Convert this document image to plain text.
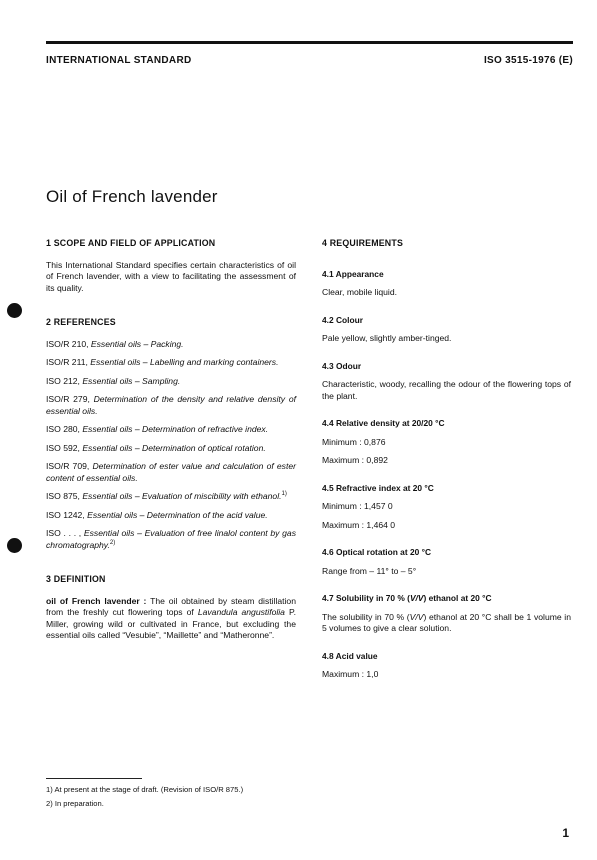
INTERNATIONAL STANDARD	ISO 3515-1976 (E)
Oil of French lavender
1 SCOPE AND FIELD OF APPLICATION

This International Standard specifies certain characteristics of oil of French lavender, with a view to facilitating the assessment of its quality.

2 REFERENCES

ISO/R 210, Essential oils – Packing.

ISO/R 211, Essential oils – Labelling and marking containers.

ISO 212, Essential oils – Sampling.

ISO/R 279, Determination of the density and relative density of essential oils.

ISO 280, Essential oils – Determination of refractive index.

ISO 592, Essential oils – Determination of optical rotation.

ISO/R 709, Determination of ester value and calculation of ester content of essential oils.

ISO 875, Essential oils – Evaluation of miscibility with ethanol.$^{1)}$

ISO 1242, Essential oils – Determination of the acid value.

ISO . . . , Essential oils – Evaluation of free linalol content by gas chromatography.$^{2)}$

3 DEFINITION

oil of French lavender : The oil obtained by steam distillation from the freshly cut flowering tops of Lavandula angustifolia P. Miller, growing wild or cultivated in France, but excluding the essential oils called “Vesubie”, “Maillette” and “Matheronne”.

4 REQUIREMENTS
4.1 Appearance

Clear, mobile liquid.

4.2 Colour

Pale yellow, slightly amber-tinged.

4.3 Odour

Characteristic, woody, recalling the odour of the flowering tops of the plant.

4.4 Relative density at 20/20 °C

Minimum : 0,876

Maximum : 0,892

4.5 Refractive index at 20 °C

Minimum : 1,457 0

Maximum : 1,464 0

4.6 Optical rotation at 20 °C

Range from – 11° to – 5°

4.7 Solubility in 70 % (V/V) ethanol at 20 °C

The solubility in 70 % (V/V) ethanol at 20 °C shall be 1 volume in 5 volumes to give a clear solution.

4.8 Acid value

Maximum : 1,0

1) At present at the stage of draft. (Revision of ISO/R 875.)
2) In preparation.
1
